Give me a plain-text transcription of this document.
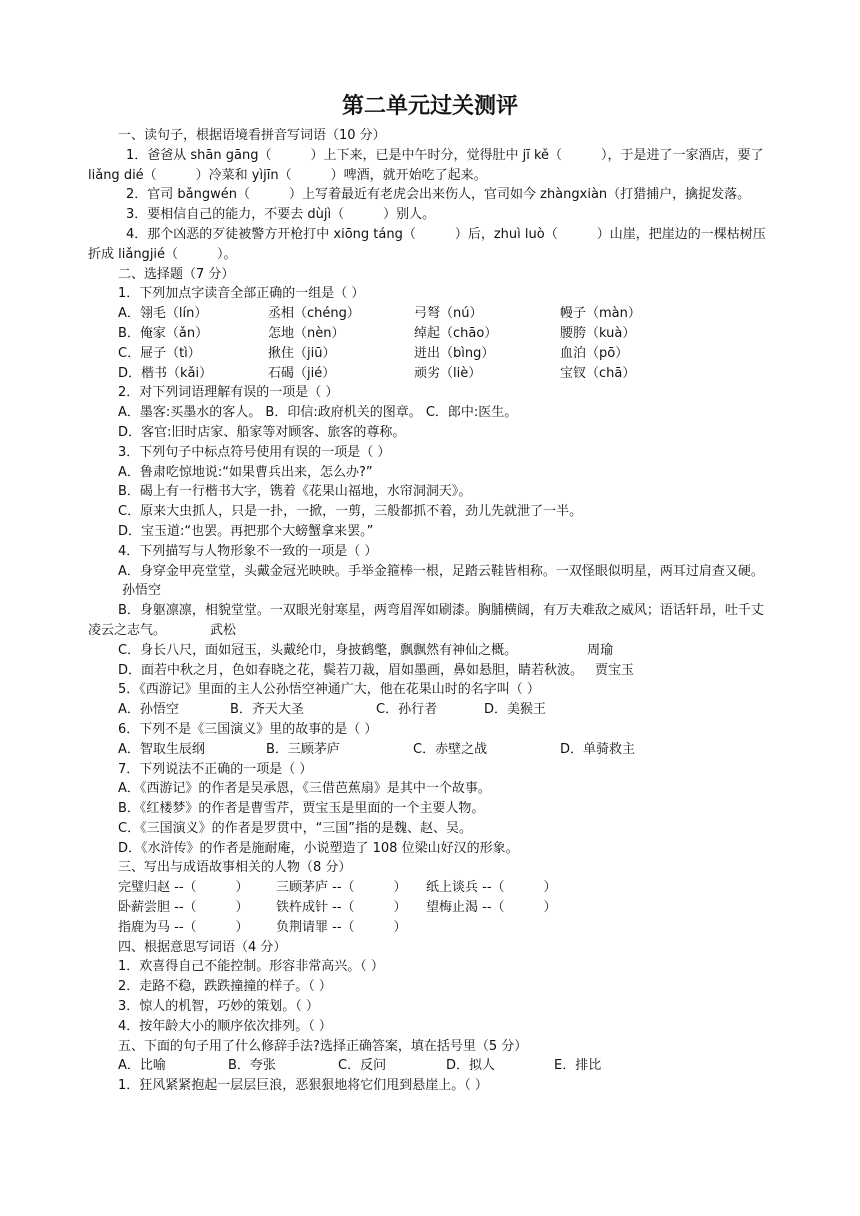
第二单元过关测评

一、读句子，根据语境看拼音写词语（10 分）

1．爸爸从 shān gāng（　　　）上下来，已是中午时分，觉得肚中 jī kě（　　　），于是进了一家酒店，要了 liǎng dié（　　　）冷菜和 yìjīn（　　　）啤酒，就开始吃了起来。

2．官司 bǎngwén（　　　）上写着最近有老虎会出来伤人，官司如今 zhàngxiàn（打猎捕户，擒捉发落。

3．要相信自己的能力，不要去 dùjì（　　　）别人。

4．那个凶恶的歹徒被警方开枪打中 xiōng táng（　　　）后，zhuì luò（　　　）山崖，把崖边的一棵枯树压折成 liǎngjié（　　　）。

二、选择题（7 分）

1．下列加点字读音全部正确的一组是（ ）

A．翎毛（lín）	丞相（chéng）	弓弩（nú）	幔子（màn）
B．俺家（ǎn）	怎地（nèn）	绰起（chāo）	腰胯（kuà）
C．屉子（tì）	揪住（jiū）	迸出（bìng）	血泊（pō）
D．楷书（kǎi）	石碣（jié）	顽劣（liè）	宝钗（chā）

2．对下列词语理解有误的一项是（ ）

A．墨客:买墨水的客人。 B．印信:政府机关的图章。 C．郎中:医生。

D．客官:旧时店家、船家等对顾客、旅客的尊称。

3．下列句子中标点符号使用有误的一项是（ ）

A．鲁肃吃惊地说:“如果曹兵出来，怎么办?”

B．碣上有一行楷书大字，镌着《花果山福地，水帘洞洞天》。

C．原来大虫抓人，只是一扑，一掀，一剪，三般都抓不着，劲儿先就泄了一半。

D．宝玉道:“也罢。再把那个大螃蟹拿来罢。”

4．下列描写与人物形象不一致的一项是（ ）

A．身穿金甲亮堂堂，头戴金冠光映映。手举金箍棒一根，足踏云鞋皆相称。一双怪眼似明星，两耳过肩查又硬。孙悟空

B．身躯凛凛，相貌堂堂。一双眼光射寒星，两弯眉浑如刷漆。胸脯横阔，有万夫难敌之威风；语话轩昂，吐千丈凌云之志气。	武松

C．身长八尺，面如冠玉，头戴纶巾，身披鹤氅，飘飘然有神仙之概。	周瑜

D．面若中秋之月，色如春晓之花，鬓若刀裁，眉如墨画，鼻如悬胆，睛若秋波。 贾宝玉

5．《西游记》里面的主人公孙悟空神通广大，他在花果山时的名字叫（ ）

A．孙悟空	B．齐天大圣	C．孙行者	D．美猴王

6．下列不是《三国演义》里的故事的是（ ）

A．智取生辰纲	B．三顾茅庐	C．赤壁之战	D．单骑救主

7．下列说法不正确的一项是（ ）

A．《西游记》的作者是吴承恩，《三借芭蕉扇》是其中一个故事。

B．《红楼梦》的作者是曹雪芹，贾宝玉是里面的一个主要人物。

C．《三国演义》的作者是罗贯中，“三国”指的是魏、赵、吴。

D．《水浒传》的作者是施耐庵，小说塑造了 108 位梁山好汉的形象。

三、写出与成语故事相关的人物（8 分）

完璧归赵 --（　　　）	三顾茅庐 --（　　　）	纸上谈兵 --（　　　）
卧薪尝胆 --（　　　）	铁杵成针 --（　　　）	望梅止渴 --（　　　）
指鹿为马 --（　　　）	负荆请罪 --（　　　）

四、根据意思写词语（4 分）

1．欢喜得自己不能控制。形容非常高兴。（ ）

2．走路不稳，跌跌撞撞的样子。（ ）

3．惊人的机智，巧妙的策划。（ ）

4．按年龄大小的顺序依次排列。（ ）

五、下面的句子用了什么修辞手法?选择正确答案，填在括号里（5 分）

A．比喻	B．夸张	C．反问	D．拟人	E．排比

1．狂风紧紧抱起一层层巨浪，恶狠狠地将它们甩到悬崖上。（ ）
